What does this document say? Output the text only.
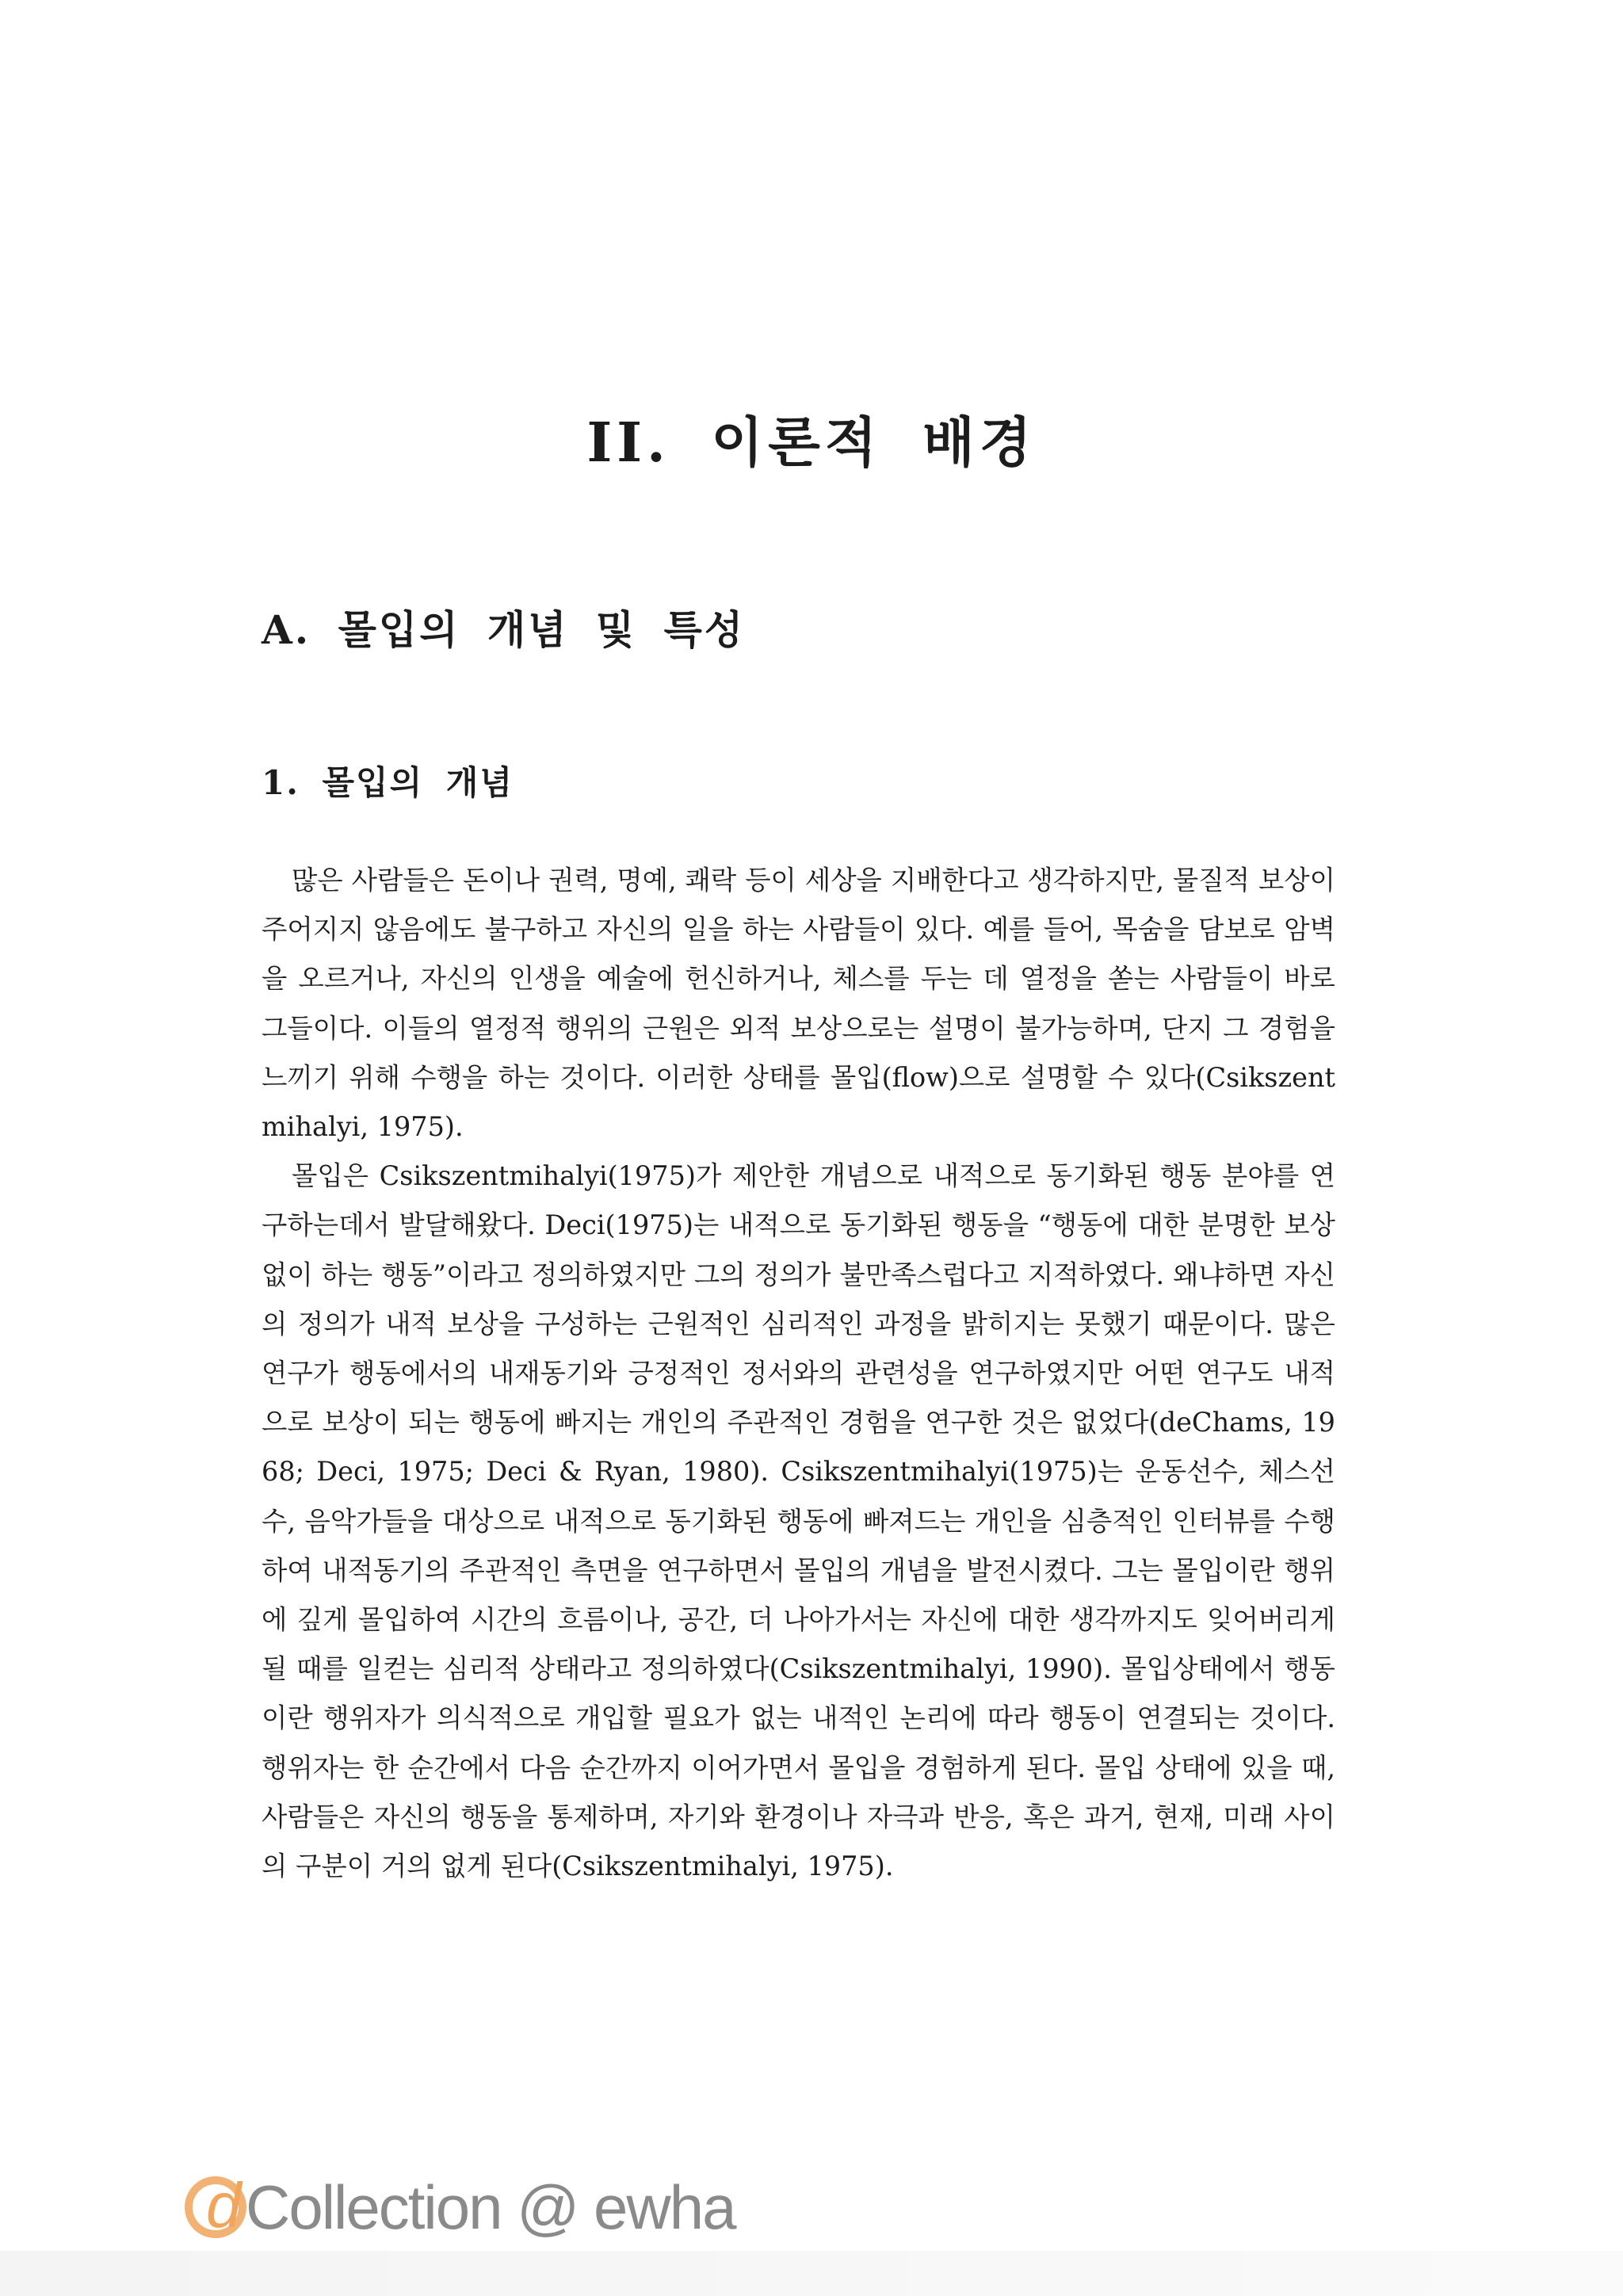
II. 이론적 배경
A. 몰입의 개념 및 특성
1. 몰입의 개념

많은 사람들은 돈이나 권력, 명예, 쾌락 등이 세상을 지배한다고 생각하지만, 물질적 보상이 주어지지 않음에도 불구하고 자신의 일을 하는 사람들이 있다. 예를 들어, 목숨을 담보로 암벽을 오르거나, 자신의 인생을 예술에 헌신하거나, 체스를 두는 데 열정을 쏟는 사람들이 바로 그들이다. 이들의 열정적 행위의 근원은 외적 보상으로는 설명이 불가능하며, 단지 그 경험을 느끼기 위해 수행을 하는 것이다. 이러한 상태를 몰입(flow)으로 설명할 수 있다(Csikszentmihalyi, 1975).

몰입은 Csikszentmihalyi(1975)가 제안한 개념으로 내적으로 동기화된 행동 분야를 연구하는데서 발달해왔다. Deci(1975)는 내적으로 동기화된 행동을 “행동에 대한 분명한 보상 없이 하는 행동”이라고 정의하였지만 그의 정의가 불만족스럽다고 지적하였다. 왜냐하면 자신의 정의가 내적 보상을 구성하는 근원적인 심리적인 과정을 밝히지는 못했기 때문이다. 많은 연구가 행동에서의 내재동기와 긍정적인 정서와의 관련성을 연구하였지만 어떤 연구도 내적으로 보상이 되는 행동에 빠지는 개인의 주관적인 경험을 연구한 것은 없었다(deChams, 1968; Deci, 1975; Deci & Ryan, 1980). Csikszentmihalyi(1975)는 운동선수, 체스선수, 음악가들을 대상으로 내적으로 동기화된 행동에 빠져드는 개인을 심층적인 인터뷰를 수행하여 내적동기의 주관적인 측면을 연구하면서 몰입의 개념을 발전시켰다. 그는 몰입이란 행위에 깊게 몰입하여 시간의 흐름이나, 공간, 더 나아가서는 자신에 대한 생각까지도 잊어버리게 될 때를 일컫는 심리적 상태라고 정의하였다(Csikszentmihalyi, 1990). 몰입상태에서 행동이란 행위자가 의식적으로 개입할 필요가 없는 내적인 논리에 따라 행동이 연결되는 것이다. 행위자는 한 순간에서 다음 순간까지 이어가면서 몰입을 경험하게 된다. 몰입 상태에 있을 때, 사람들은 자신의 행동을 통제하며, 자기와 환경이나 자극과 반응, 혹은 과거, 현재, 미래 사이의 구분이 거의 없게 된다(Csikszentmihalyi, 1975).

d Collection @ ewha
